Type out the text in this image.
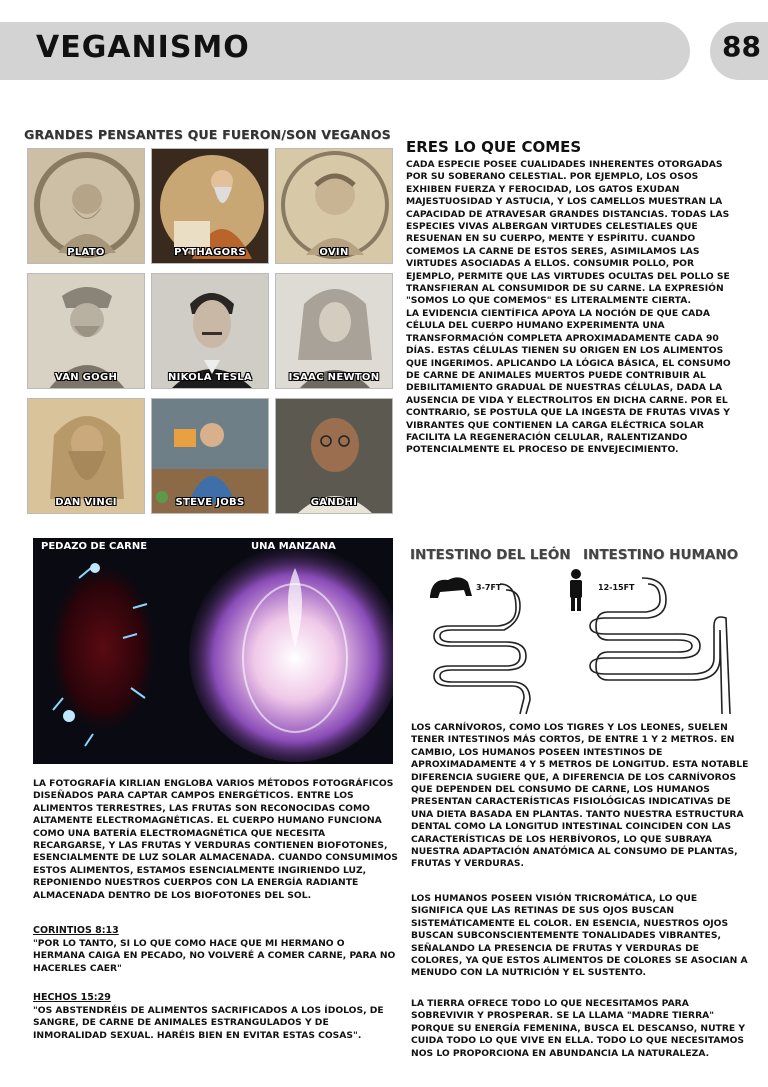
VEGANISMO	88
GRANDES PENSANTES QUE FUERON/SON VEGANOS
PLATO	PYTHAGORS	OVIN
VAN GOGH	NIKOLA TESLA	ISAAC NEWTON
DAN VINCI	STEVE JOBS	GANDHI
ERES LO QUE COMES

CADA ESPECIE POSEE CUALIDADES INHERENTES OTORGADAS POR SU SOBERANO CELESTIAL. POR EJEMPLO, LOS OSOS EXHIBEN FUERZA Y FEROCIDAD, LOS GATOS EXUDAN MAJESTUOSIDAD Y ASTUCIA, Y LOS CAMELLOS MUESTRAN LA CAPACIDAD DE ATRAVESAR GRANDES DISTANCIAS. TODAS LAS ESPECIES VIVAS ALBERGAN VIRTUDES CELESTIALES QUE RESUENAN EN SU CUERPO, MENTE Y ESPÍRITU. CUANDO COMEMOS LA CARNE DE ESTOS SERES, ASIMILAMOS LAS VIRTUDES ASOCIADAS A ELLOS. CONSUMIR POLLO, POR EJEMPLO, PERMITE QUE LAS VIRTUDES OCULTAS DEL POLLO SE TRANSFIERAN AL CONSUMIDOR DE SU CARNE. LA EXPRESIÓN "SOMOS LO QUE COMEMOS" ES LITERALMENTE CIERTA.

LA EVIDENCIA CIENTÍFICA APOYA LA NOCIÓN DE QUE CADA CÉLULA DEL CUERPO HUMANO EXPERIMENTA UNA TRANSFORMACIÓN COMPLETA APROXIMADAMENTE CADA 90 DÍAS. ESTAS CÉLULAS TIENEN SU ORIGEN EN LOS ALIMENTOS QUE INGERIMOS. APLICANDO LA LÓGICA BÁSICA, EL CONSUMO DE CARNE DE ANIMALES MUERTOS PUEDE CONTRIBUIR AL DEBILITAMIENTO GRADUAL DE NUESTRAS CÉLULAS, DADA LA AUSENCIA DE VIDA Y ELECTROLITOS EN DICHA CARNE. POR EL CONTRARIO, SE POSTULA QUE LA INGESTA DE FRUTAS VIVAS Y VIBRANTES QUE CONTIENEN LA CARGA ELÉCTRICA SOLAR FACILITA LA REGENERACIÓN CELULAR, RALENTIZANDO POTENCIALMENTE EL PROCESO DE ENVEJECIMIENTO.

PEDAZO DE CARNE	UNA MANZANA
LA FOTOGRAFÍA KIRLIAN ENGLOBA VARIOS MÉTODOS FOTOGRÁFICOS DISEÑADOS PARA CAPTAR CAMPOS ENERGÉTICOS. ENTRE LOS ALIMENTOS TERRESTRES, LAS FRUTAS SON RECONOCIDAS COMO ALTAMENTE ELECTROMAGNÉTICAS. EL CUERPO HUMANO FUNCIONA COMO UNA BATERÍA ELECTROMAGNÉTICA QUE NECESITA RECARGARSE, Y LAS FRUTAS Y VERDURAS CONTIENEN BIOFOTONES, ESENCIALMENTE DE LUZ SOLAR ALMACENADA. CUANDO CONSUMIMOS ESTOS ALIMENTOS, ESTAMOS ESENCIALMENTE INGIRIENDO LUZ, REPONIENDO NUESTROS CUERPOS CON LA ENERGÍA RADIANTE ALMACENADA DENTRO DE LOS BIOFOTONES DEL SOL.
CORINTIOS 8:13
"POR LO TANTO, SI LO QUE COMO HACE QUE MI HERMANO O HERMANA CAIGA EN PECADO, NO VOLVERÉ A COMER CARNE, PARA NO HACERLES CAER"
HECHOS 15:29
"OS ABSTENDRÉIS DE ALIMENTOS SACRIFICADOS A LOS ÍDOLOS, DE SANGRE, DE CARNE DE ANIMALES ESTRANGULADOS Y DE INMORALIDAD SEXUAL. HARÉIS BIEN EN EVITAR ESTAS COSAS".
INTESTINO DEL LEÓN INTESTINO HUMANO
3-7FT	12-15FT
LOS CARNÍVOROS, COMO LOS TIGRES Y LOS LEONES, SUELEN TENER INTESTINOS MÁS CORTOS, DE ENTRE 1 Y 2 METROS. EN CAMBIO, LOS HUMANOS POSEEN INTESTINOS DE APROXIMADAMENTE 4 Y 5 METROS DE LONGITUD. ESTA NOTABLE DIFERENCIA SUGIERE QUE, A DIFERENCIA DE LOS CARNÍVOROS QUE DEPENDEN DEL CONSUMO DE CARNE, LOS HUMANOS PRESENTAN CARACTERÍSTICAS FISIOLÓGICAS INDICATIVAS DE UNA DIETA BASADA EN PLANTAS. TANTO NUESTRA ESTRUCTURA DENTAL COMO LA LONGITUD INTESTINAL COINCIDEN CON LAS CARACTERÍSTICAS DE LOS HERBÍVOROS, LO QUE SUBRAYA NUESTRA ADAPTACIÓN ANATÓMICA AL CONSUMO DE PLANTAS, FRUTAS Y VERDURAS.
LOS HUMANOS POSEEN VISIÓN TRICROMÁTICA, LO QUE SIGNIFICA QUE LAS RETINAS DE SUS OJOS BUSCAN SISTEMÁTICAMENTE EL COLOR. EN ESENCIA, NUESTROS OJOS BUSCAN SUBCONSCIENTEMENTE TONALIDADES VIBRANTES, SEÑALANDO LA PRESENCIA DE FRUTAS Y VERDURAS DE COLORES, YA QUE ESTOS ALIMENTOS DE COLORES SE ASOCIAN A MENUDO CON LA NUTRICIÓN Y EL SUSTENTO.
LA TIERRA OFRECE TODO LO QUE NECESITAMOS PARA SOBREVIVIR Y PROSPERAR. SE LA LLAMA "MADRE TIERRA" PORQUE SU ENERGÍA FEMENINA, BUSCA EL DESCANSO, NUTRE Y CUIDA TODO LO QUE VIVE EN ELLA. TODO LO QUE NECESITAMOS NOS LO PROPORCIONA EN ABUNDANCIA LA NATURALEZA.
